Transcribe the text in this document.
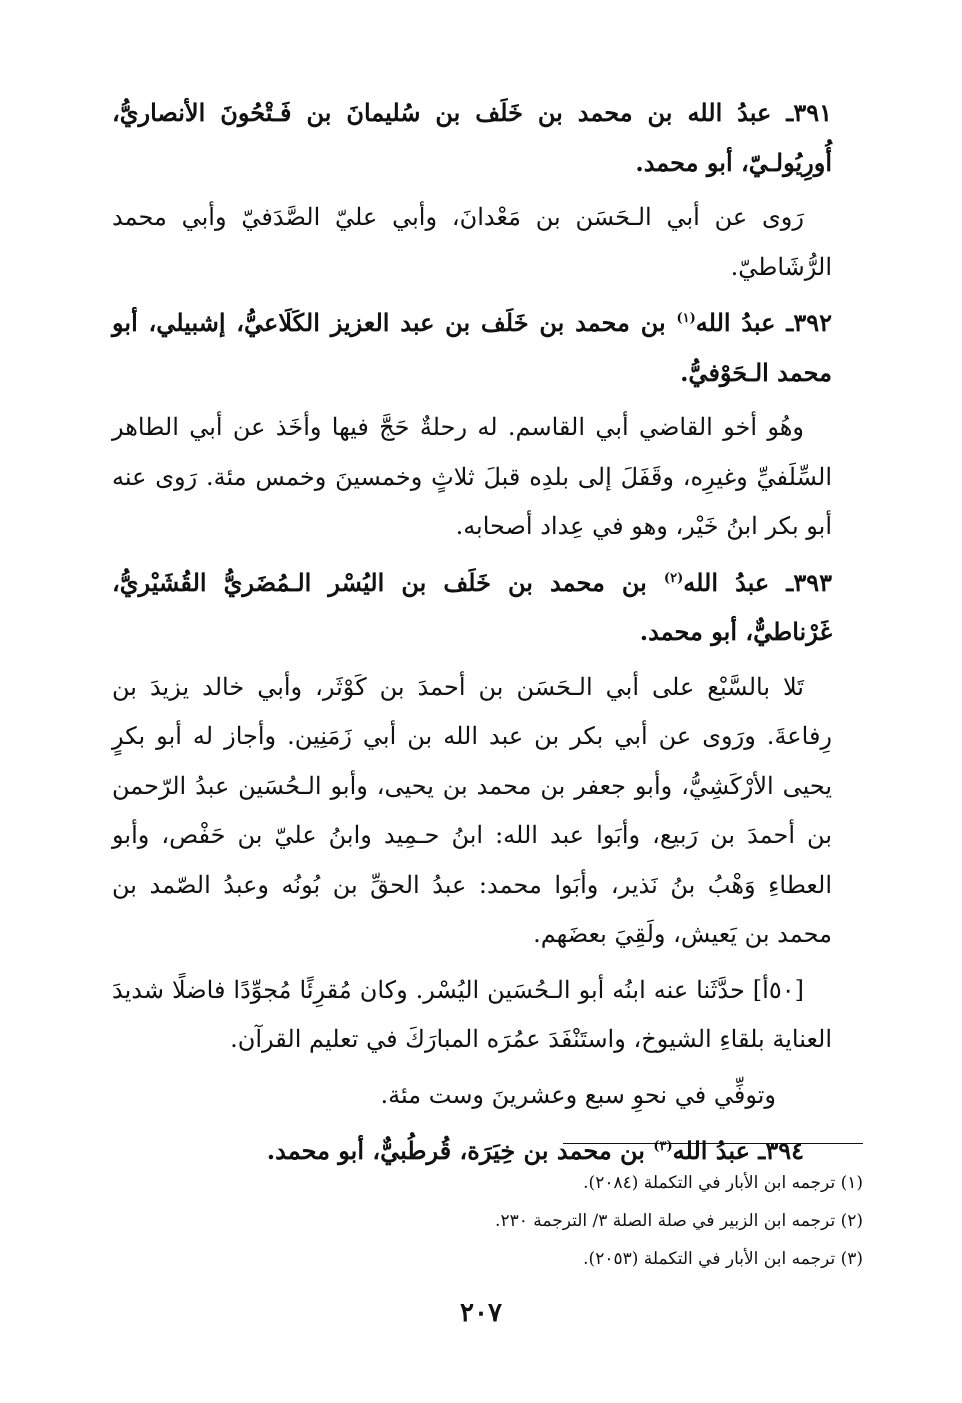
٣٩١ـ عبدُ الله بن محمد بن خَلَف بن سُليمانَ بن فَـتْحُونَ الأنصاريُّ، أُورِيُولـيّ، أبو محمد.

رَوى عن أبي الـحَسَن بن مَعْدانَ، وأبي عليّ الصَّدَفيّ وأبي محمد الرُّشَاطيّ.

٣٩٢ـ عبدُ الله$^{(١)}$ بن محمد بن خَلَف بن عبد العزيز الكَلَاعيُّ، إشبيلي، أبو محمد الـحَوْفيُّ.

وهُو أخو القاضي أبي القاسم. له رحلةٌ حَجَّ فيها وأخَذ عن أبي الطاهر السِّلَفيِّ وغيرِه، وقَفَلَ إلى بلدِه قبلَ ثلاثٍ وخمسينَ وخمس مئة. رَوى عنه أبو بكر ابنُ خَيْر، وهو في عِداد أصحابه.

٣٩٣ـ عبدُ الله$^{(٢)}$ بن محمد بن خَلَف بن اليُسْر الـمُضَريُّ القُشَيْريُّ، غَرْناطيٌّ، أبو محمد.

تَلا بالسَّبْع على أبي الـحَسَن بن أحمدَ بن كَوْثَر، وأبي خالد يزيدَ بن رِفاعةَ. ورَوى عن أبي بكر بن عبد الله بن أبي زَمَنِين. وأجاز له أبو بكرٍ يحيى الأرْكَشِيُّ، وأبو جعفر بن محمد بن يحيى، وأبو الـحُسَين عبدُ الرّحمن بن أحمدَ بن رَبيع، وأبَوا عبد الله: ابنُ حـمِيد وابنُ عليّ بن حَفْص، وأبو العطاءِ وَهْبُ بنُ نَذير، وأبَوا محمد: عبدُ الحقِّ بن بُونُه وعبدُ الصّمد بن محمد بن يَعيش، ولَقِيَ بعضَهم.

[٥٠أ] حدَّثَنا عنه ابنُه أبو الـحُسَين اليُسْر. وكان مُقرِئًا مُجوِّدًا فاضلًا شديدَ العناية بلقاءِ الشيوخ، واستَنْفَدَ عمُرَه المبارَكَ في تعليم القرآن.

وتوفِّي في نحوِ سبع وعشرينَ وست مئة.

٣٩٤ـ عبدُ الله$^{(٣)}$ بن محمد بن خِيَرَة، قُرطُبيٌّ، أبو محمد.

(١) ترجمه ابن الأبار في التكملة (٢٠٨٤).

(٢) ترجمه ابن الزبير في صلة الصلة ٣/ الترجمة ٢٣٠.

(٣) ترجمه ابن الأبار في التكملة (٢٠٥٣).

٢٠٧
